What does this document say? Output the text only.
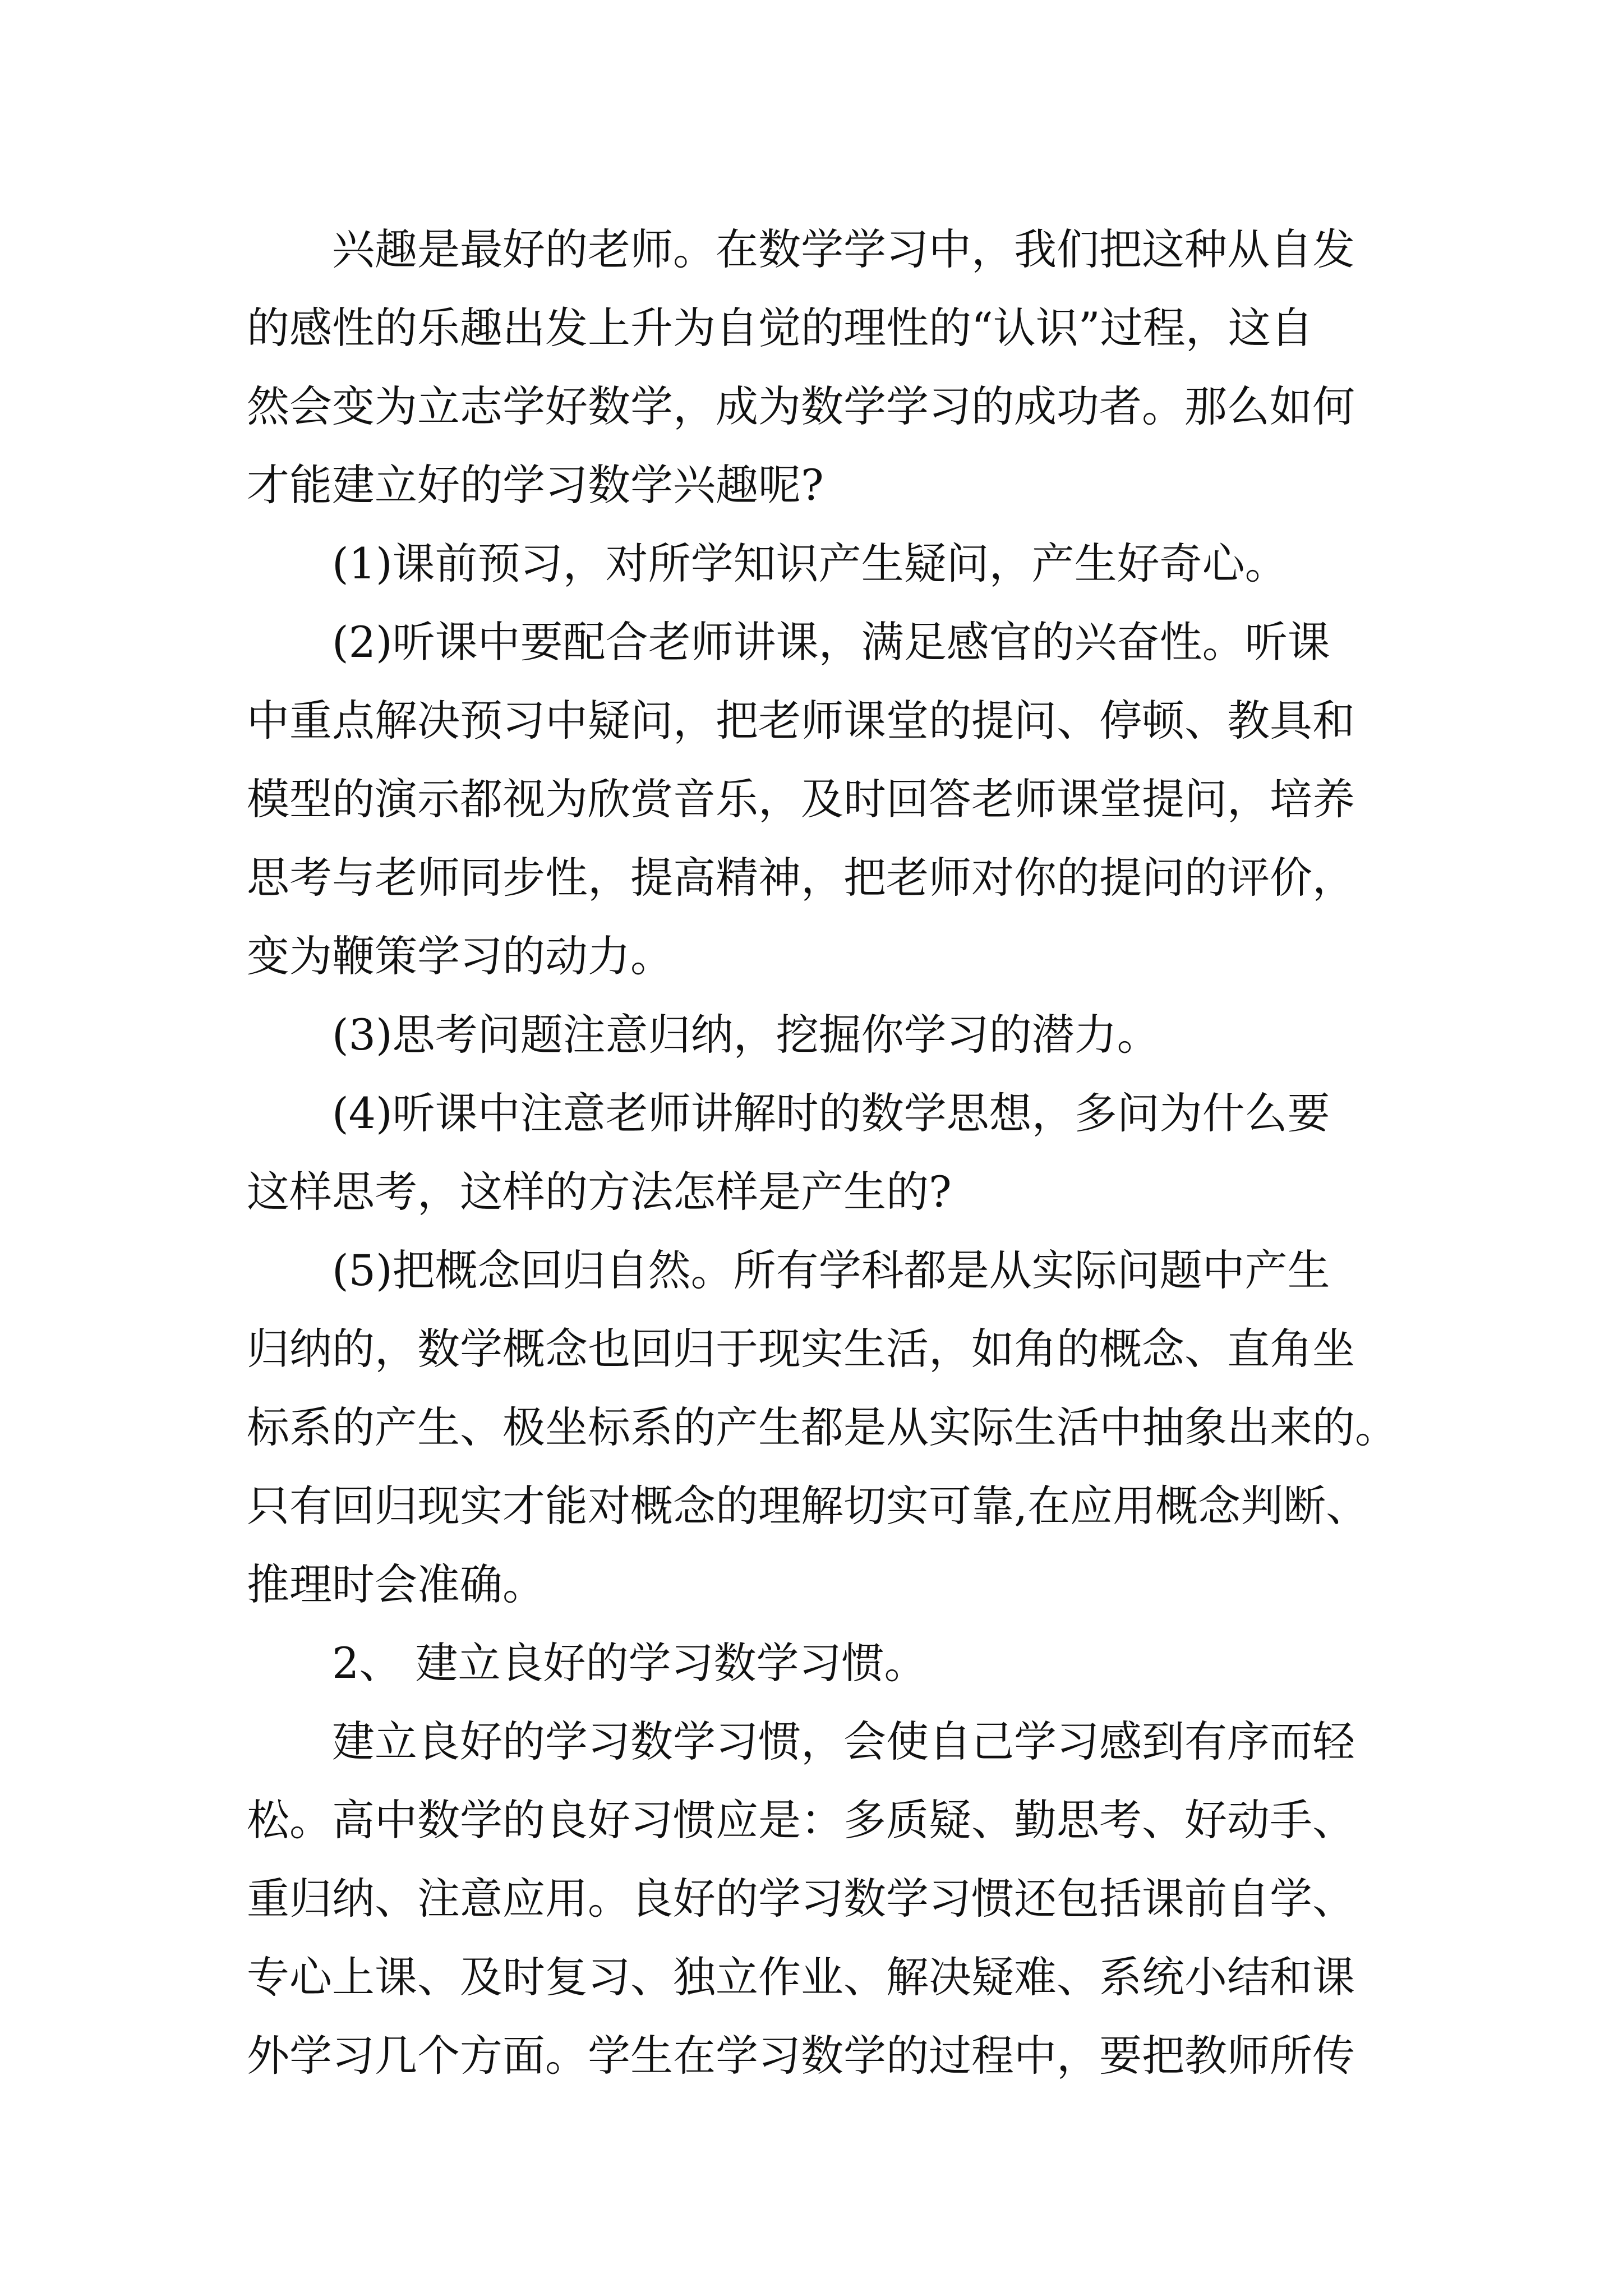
兴趣是最好的老师。在数学学习中，我们把这种从自发

的感性的乐趣出发上升为自觉的理性的“认识”过程，这自

然会变为立志学好数学，成为数学学习的成功者。那么如何

才能建立好的学习数学兴趣呢?

(1)课前预习，对所学知识产生疑问，产生好奇心。

(2)听课中要配合老师讲课，满足感官的兴奋性。听课

中重点解决预习中疑问，把老师课堂的提问、停顿、教具和

模型的演示都视为欣赏音乐，及时回答老师课堂提问，培养

思考与老师同步性，提高精神，把老师对你的提问的评价，

变为鞭策学习的动力。

(3)思考问题注意归纳，挖掘你学习的潜力。

(4)听课中注意老师讲解时的数学思想，多问为什么要

这样思考，这样的方法怎样是产生的?

(5)把概念回归自然。所有学科都是从实际问题中产生

归纳的，数学概念也回归于现实生活，如角的概念、直角坐

标系的产生、极坐标系的产生都是从实际生活中抽象出来的。

只有回归现实才能对概念的理解切实可靠,在应用概念判断、

推理时会准确。

2、 建立良好的学习数学习惯。

建立良好的学习数学习惯，会使自己学习感到有序而轻

松。高中数学的良好习惯应是：多质疑、勤思考、好动手、

重归纳、注意应用。良好的学习数学习惯还包括课前自学、

专心上课、及时复习、独立作业、解决疑难、系统小结和课

外学习几个方面。学生在学习数学的过程中，要把教师所传
